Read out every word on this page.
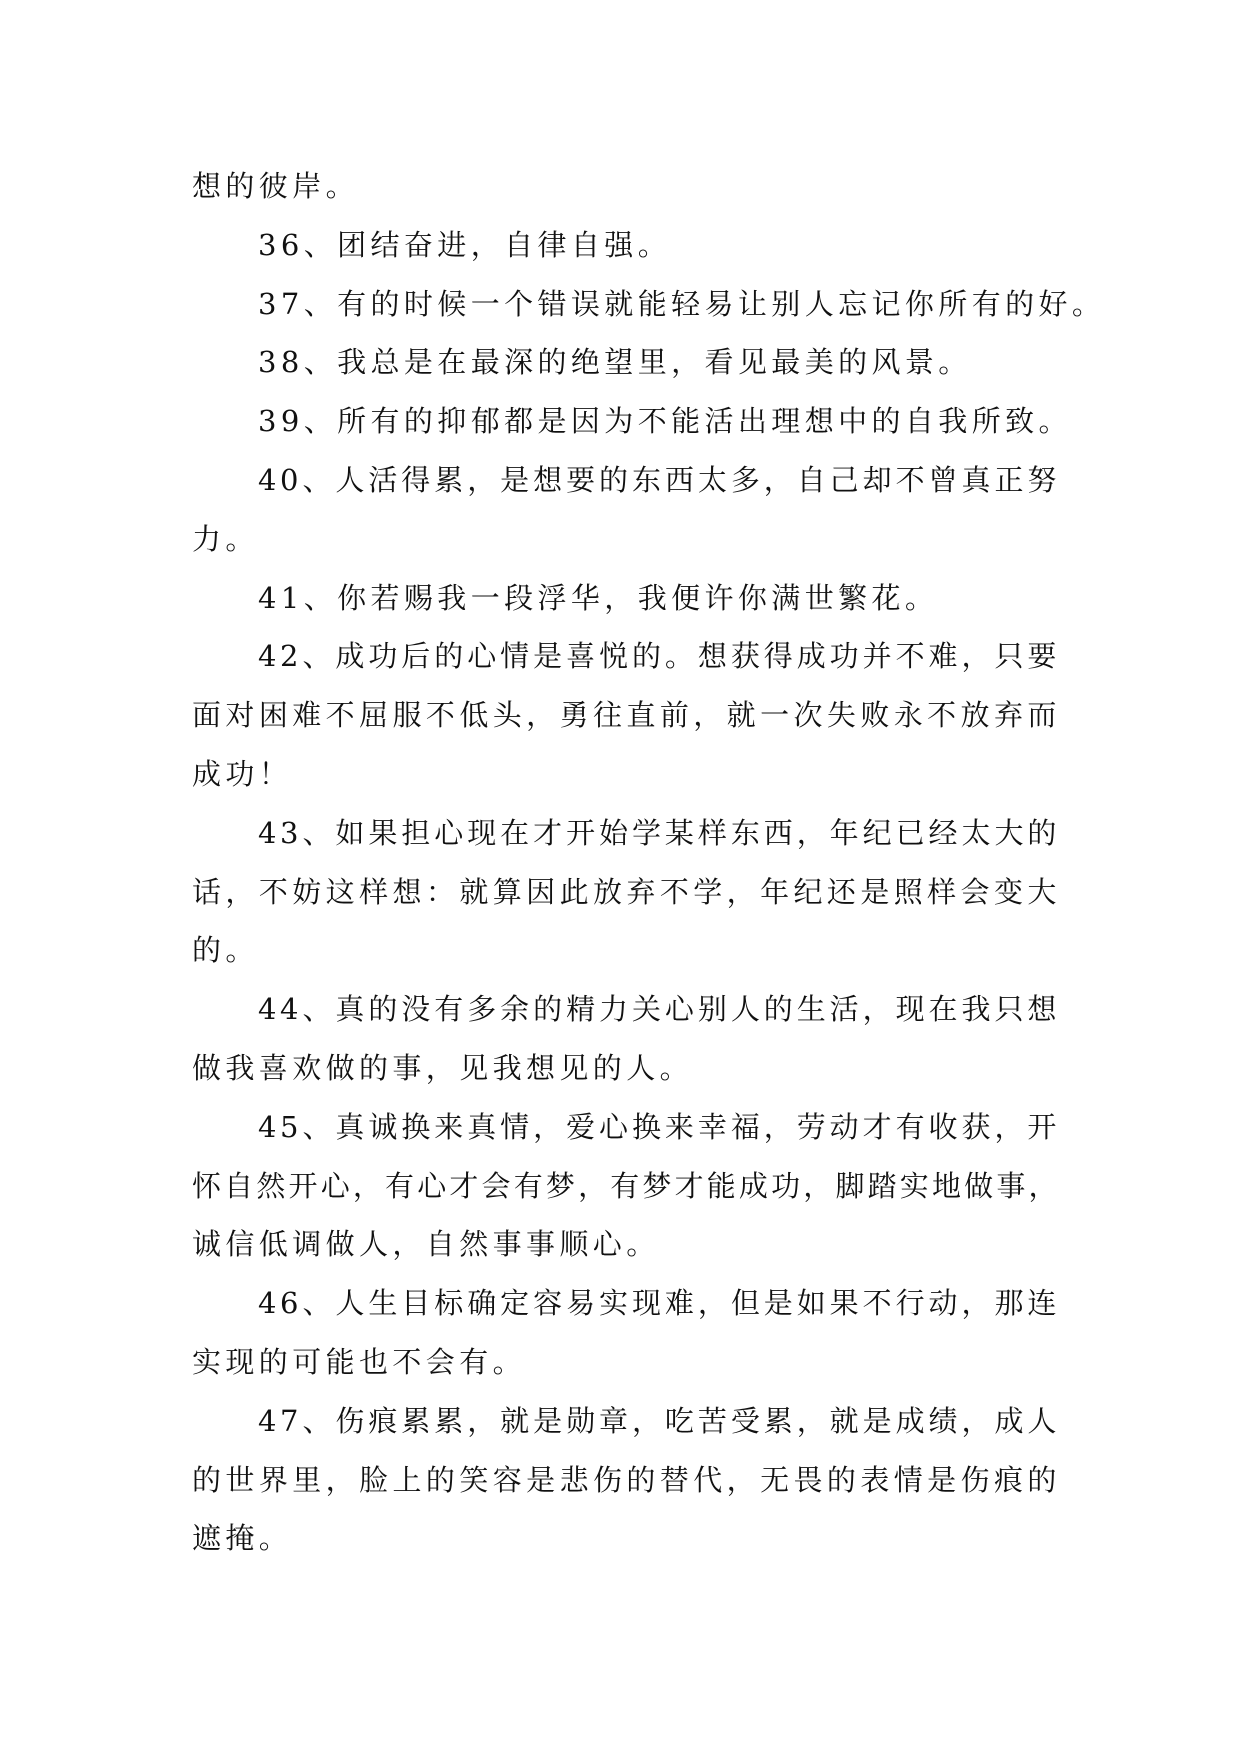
想的彼岸。
36、团结奋进，自律自强。
37、有的时候一个错误就能轻易让别人忘记你所有的好。
38、我总是在最深的绝望里，看见最美的风景。
39、所有的抑郁都是因为不能活出理想中的自我所致。
40、人活得累，是想要的东西太多，自己却不曾真正努
力。
41、你若赐我一段浮华，我便许你满世繁花。
42、成功后的心情是喜悦的。想获得成功并不难，只要
面对困难不屈服不低头，勇往直前，就一次失败永不放弃而
成功！
43、如果担心现在才开始学某样东西，年纪已经太大的
话，不妨这样想：就算因此放弃不学，年纪还是照样会变大
的。
44、真的没有多余的精力关心别人的生活，现在我只想
做我喜欢做的事，见我想见的人。
45、真诚换来真情，爱心换来幸福，劳动才有收获，开
怀自然开心，有心才会有梦，有梦才能成功，脚踏实地做事，
诚信低调做人，自然事事顺心。
46、人生目标确定容易实现难，但是如果不行动，那连
实现的可能也不会有。
47、伤痕累累，就是勋章，吃苦受累，就是成绩，成人
的世界里，脸上的笑容是悲伤的替代，无畏的表情是伤痕的
遮掩。
